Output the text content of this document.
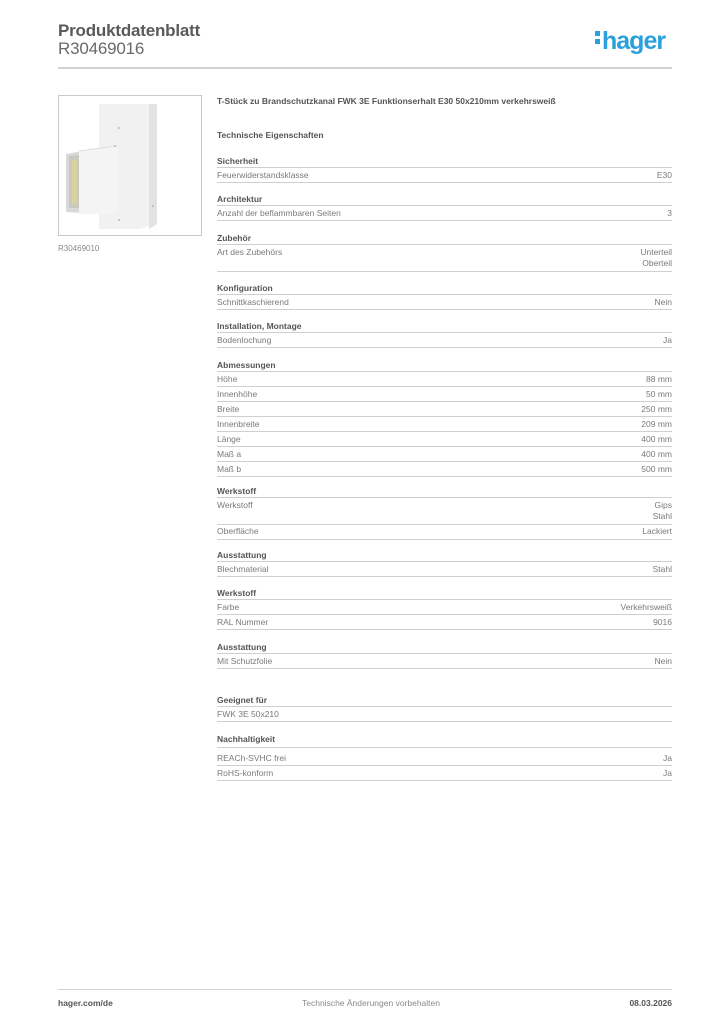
Produktdatenblatt
R30469016	hager
R30469010
T-Stück zu Brandschutzkanal FWK 3E Funktionserhalt E30 50x210mm verkehrsweiß
Technische Eigenschaften
Sicherheit
Feuerwiderstandsklasse	E30
Architektur
Anzahl der beflammbaren Seiten	3
Zubehör
Art des Zubehörs	Unterteil
Oberteil
Konfiguration
Schnittkaschierend	Nein
Installation, Montage
Bodenlochung	Ja
Abmessungen
Höhe	88 mm
Innenhöhe	50 mm
Breite	250 mm
Innenbreite	209 mm
Länge	400 mm
Maß a	400 mm
Maß b	500 mm
Werkstoff
Werkstoff	Gips
Stahl
Oberfläche	Lackiert
Ausstattung
Blechmaterial	Stahl
Werkstoff
Farbe	Verkehrsweiß
RAL Nummer	9016
Ausstattung
Mit Schutzfolie	Nein
Geeignet für
FWK 3E 50x210
Nachhaltigkeit
REACh-SVHC frei	Ja
RoHS-konform	Ja
hager.com/de	Technische Änderungen vorbehalten	08.03.2026
